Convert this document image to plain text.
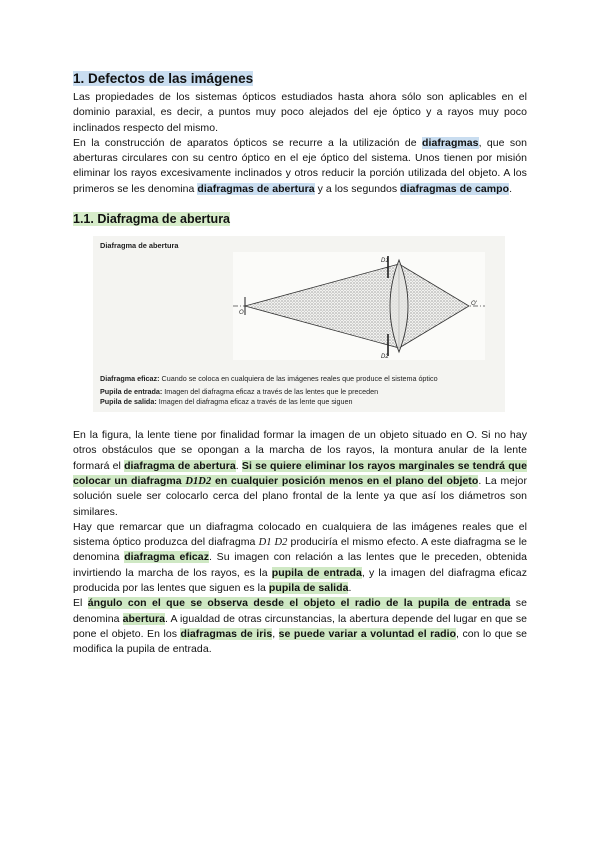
1. Defectos de las imágenes

Las propiedades de los sistemas ópticos estudiados hasta ahora sólo son aplicables en el dominio paraxial, es decir, a puntos muy poco alejados del eje óptico y a rayos muy poco inclinados respecto del mismo.

En la construcción de aparatos ópticos se recurre a la utilización de diafragmas, que son aberturas circulares con su centro óptico en el eje óptico del sistema. Unos tienen por misión eliminar los rayos excesivamente inclinados y otros reducir la porción utilizada del objeto. A los primeros se les denomina diafragmas de abertura y a los segundos diafragmas de campo.

1.1. Diafragma de abertura
Diafragma de abertura
D1
D2
O
O'
Diafragma eficaz: Cuando se coloca en cualquiera de las imágenes reales que produce el sistema óptico
Pupila de entrada: Imagen del diafragma eficaz a través de las lentes que le preceden
Pupila de salida: Imagen del diafragma eficaz a través de las lente que siguen

En la figura, la lente tiene por finalidad formar la imagen de un objeto situado en O. Si no hay otros obstáculos que se opongan a la marcha de los rayos, la montura anular de la lente formará el diafragma de abertura. Si se quiere eliminar los rayos marginales se tendrá que colocar un diafragma D1D2 en cualquier posición menos en el plano del objeto. La mejor solución suele ser colocarlo cerca del plano frontal de la lente ya que así los diámetros son similares.

Hay que remarcar que un diafragma colocado en cualquiera de las imágenes reales que el sistema óptico produzca del diafragma D1 D2 produciría el mismo efecto. A este diafragma se le denomina diafragma eficaz. Su imagen con relación a las lentes que le preceden, obtenida invirtiendo la marcha de los rayos, es la pupila de entrada, y la imagen del diafragma eficaz producida por las lentes que siguen es la pupila de salida.

El ángulo con el que se observa desde el objeto el radio de la pupila de entrada se denomina abertura. A igualdad de otras circunstancias, la abertura depende del lugar en que se pone el objeto. En los diafragmas de iris, se puede variar a voluntad el radio, con lo que se modifica la pupila de entrada.
